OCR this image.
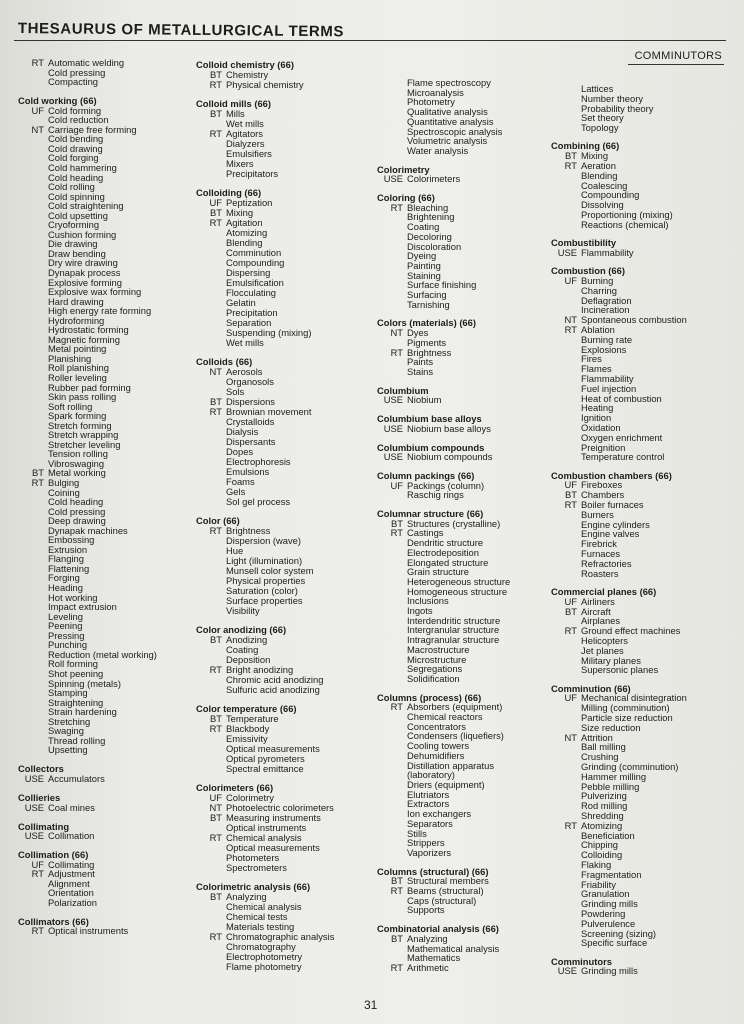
THESAURUS OF METALLURGICAL TERMS
COMMINUTORS
RT Automatic welding
Cold pressing
Compacting
Cold working (66)
UF Cold forming
Cold reduction
NT Carriage free forming
Cold bending
Cold drawing
Cold forging
Cold hammering
Cold heading
Cold rolling
Cold spinning
Cold straightening
Cold upsetting
Cryoforming
Cushion forming
Die drawing
Draw bending
Dry wire drawing
Dynapak process
Explosive forming
Explosive wax forming
Hard drawing
High energy rate forming
Hydroforming
Hydrostatic forming
Magnetic forming
Metal pointing
Planishing
Roll planishing
Roller leveling
Rubber pad forming
Skin pass rolling
Soft rolling
Spark forming
Stretch forming
Stretch wrapping
Stretcher leveling
Tension rolling
Vibroswaging
BT Metal working
RT Bulging
Coining
Cold heading
Cold pressing
Deep drawing
Dynapak machines
Embossing
Extrusion
Flanging
Flattening
Forging
Heading
Hot working
Impact extrusion
Leveling
Peening
Pressing
Punching
Reduction (metal working)
Roll forming
Shot peening
Spinning (metals)
Stamping
Straightening
Strain hardening
Stretching
Swaging
Thread rolling
Upsetting
Collectors
USE Accumulators
Collieries
USE Coal mines
Collimating
USE Collimation
Collimation (66)
UF Collimating
RT Adjustment
Alignment
Orientation
Polarization
Collimators (66)
RT Optical instruments
Colloid chemistry (66)
BT Chemistry
RT Physical chemistry
Colloid mills (66)
BT Mills
Wet mills
RT Agitators
Dialyzers
Emulsifiers
Mixers
Precipitators
Colloiding (66)
UF Peptization
BT Mixing
RT Agitation
Atomizing
Blending
Comminution
Compounding
Dispersing
Emulsification
Flocculating
Gelatin
Precipitation
Separation
Suspending (mixing)
Wet mills
Colloids (66)
NT Aerosols
Organosols
Sols
BT Dispersions
RT Brownian movement
Crystalloids
Dialysis
Dispersants
Dopes
Electrophoresis
Emulsions
Foams
Gels
Sol gel process
Color (66)
RT Brightness
Dispersion (wave)
Hue
Light (illumination)
Munsell color system
Physical properties
Saturation (color)
Surface properties
Visibility
Color anodizing (66)
BT Anodizing
Coating
Deposition
RT Bright anodizing
Chromic acid anodizing
Sulfuric acid anodizing
Color temperature (66)
BT Temperature
RT Blackbody
Emissivity
Optical measurements
Optical pyrometers
Spectral emittance
Colorimeters (66)
UF Colorimetry
NT Photoelectric colorimeters
BT Measuring instruments
Optical instruments
RT Chemical analysis
Optical measurements
Photometers
Spectrometers
Colorimetric analysis (66)
BT Analyzing
Chemical analysis
Chemical tests
Materials testing
RT Chromatographic analysis
Chromatography
Electrophotometry
Flame photometry
Flame spectroscopy
Microanalysis
Photometry
Qualitative analysis
Quantitative analysis
Spectroscopic analysis
Volumetric analysis
Water analysis
Colorimetry
USE Colorimeters
Coloring (66)
RT Bleaching
Brightening
Coating
Decoloring
Discoloration
Dyeing
Painting
Staining
Surface finishing
Surfacing
Tarnishing
Colors (materials) (66)
NT Dyes
Pigments
RT Brightness
Paints
Stains
Columbium
USE Niobium
Columbium base alloys
USE Niobium base alloys
Columbium compounds
USE Niobium compounds
Column packings (66)
UF Packings (column)
Raschig rings
Columnar structure (66)
BT Structures (crystalline)
RT Castings
Dendritic structure
Electrodeposition
Elongated structure
Grain structure
Heterogeneous structure
Homogeneous structure
Inclusions
Ingots
Interdendritic structure
Intergranular structure
Intragranular structure
Macrostructure
Microstructure
Segregations
Solidification
Columns (process) (66)
RT Absorbers (equipment)
Chemical reactors
Concentrators
Condensers (liquefiers)
Cooling towers
Dehumidifiers
Distillation apparatus
(laboratory)
Driers (equipment)
Elutriators
Extractors
Ion exchangers
Separators
Stills
Strippers
Vaporizers
Columns (structural) (66)
BT Structural members
RT Beams (structural)
Caps (structural)
Supports
Combinatorial analysis (66)
BT Analyzing
Mathematical analysis
Mathematics
RT Arithmetic
Lattices
Number theory
Probability theory
Set theory
Topology
Combining (66)
BT Mixing
RT Aeration
Blending
Coalescing
Compounding
Dissolving
Proportioning (mixing)
Reactions (chemical)
Combustibility
USE Flammability
Combustion (66)
UF Burning
Charring
Deflagration
Incineration
NT Spontaneous combustion
RT Ablation
Burning rate
Explosions
Fires
Flames
Flammability
Fuel injection
Heat of combustion
Heating
Ignition
Oxidation
Oxygen enrichment
Preignition
Temperature control
Combustion chambers (66)
UF Fireboxes
BT Chambers
RT Boiler furnaces
Burners
Engine cylinders
Engine valves
Firebrick
Furnaces
Refractories
Roasters
Commercial planes (66)
UF Airliners
BT Aircraft
Airplanes
RT Ground effect machines
Helicopters
Jet planes
Military planes
Supersonic planes
Comminution (66)
UF Mechanical disintegration
Milling (comminution)
Particle size reduction
Size reduction
NT Attrition
Ball milling
Crushing
Grinding (comminution)
Hammer milling
Pebble milling
Pulverizing
Rod milling
Shredding
RT Atomizing
Beneficiation
Chipping
Colloiding
Flaking
Fragmentation
Friability
Granulation
Grinding mills
Powdering
Pulverulence
Screening (sizing)
Specific surface
Comminutors
USE Grinding mills
31
